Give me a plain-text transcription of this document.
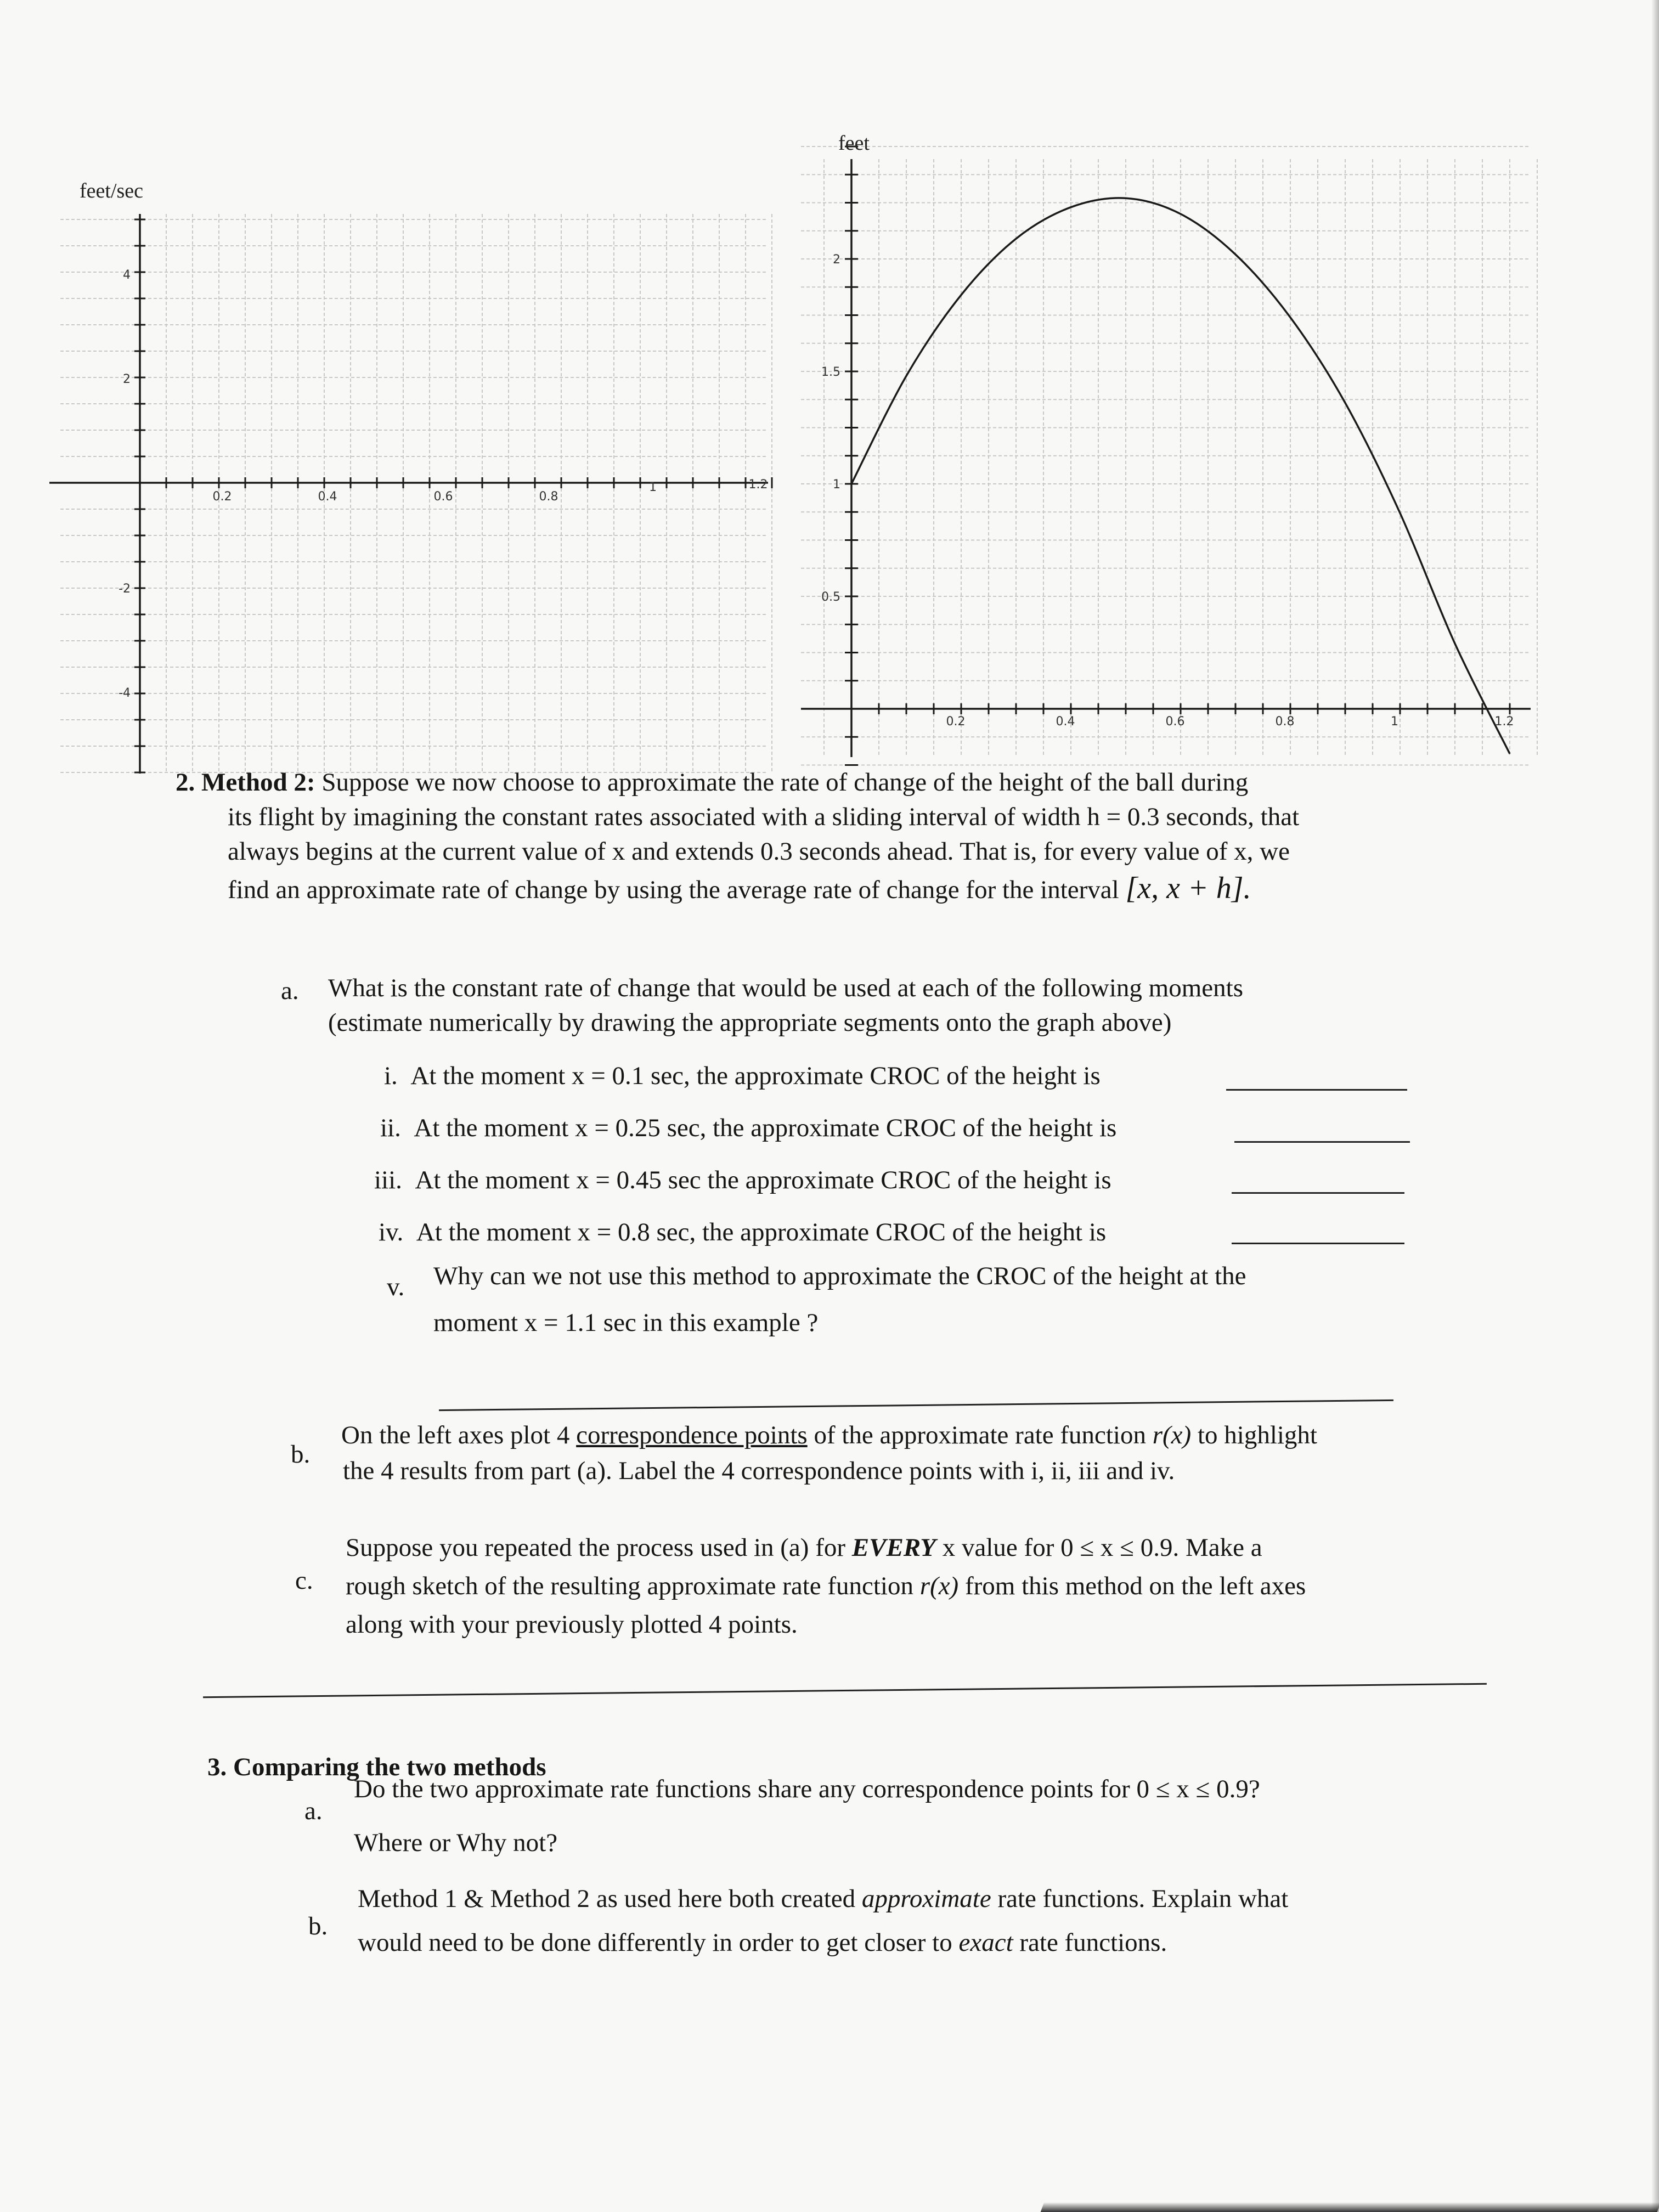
feet/sec
0.2	0.4	0.6	0.8
1	1.2
4
2
-2
-4
feet
0.2	0.4	0.6	0.8	1	1.2
2
1.5
1
0.5
2. Method 2: Suppose we now choose to approximate the rate of change of the height of the ball during
its flight by imagining the constant rates associated with a sliding interval of width h = 0.3 seconds, that
always begins at the current value of x and extends 0.3 seconds ahead. That is, for every value of x, we
find an approximate rate of change by using the average rate of change for the interval [x, x + h].
a. What is the constant rate of change that would be used at each of the following moments
(estimate numerically by drawing the appropriate segments onto the graph above)
i. At the moment x = 0.1 sec, the approximate CROC of the height is
ii. At the moment x = 0.25 sec, the approximate CROC of the height is
iii. At the moment x = 0.45 sec the approximate CROC of the height is
iv. At the moment x = 0.8 sec, the approximate CROC of the height is
v. Why can we not use this method to approximate the CROC of the height at the
moment x = 1.1 sec in this example ?
b.
On the left axes plot 4 correspondence points of the approximate rate function r(x) to highlight
the 4 results from part (a). Label the 4 correspondence points with i, ii, iii and iv.
c.
Suppose you repeated the process used in (a) for EVERY x value for 0 ≤ x ≤ 0.9. Make a
rough sketch of the resulting approximate rate function r(x) from this method on the left axes
along with your previously plotted 4 points.
3. Comparing the two methods
a.
Do the two approximate rate functions share any correspondence points for 0 ≤ x ≤ 0.9?
Where or Why not?
b.
Method 1 & Method 2 as used here both created approximate rate functions. Explain what
would need to be done differently in order to get closer to exact rate functions.
